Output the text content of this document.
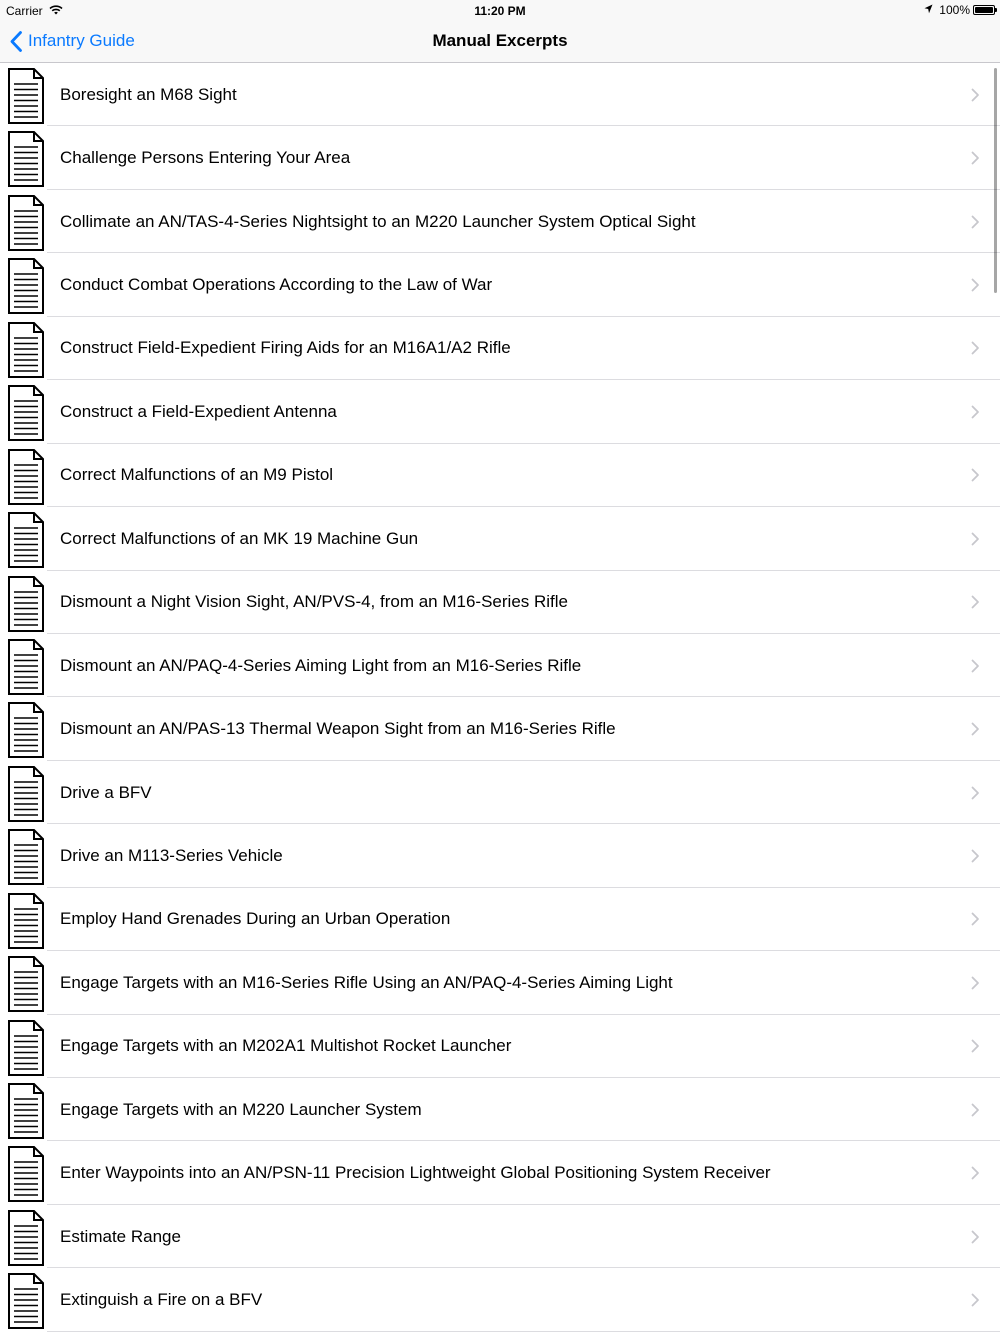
Carrier	11:20 PM	100%
Infantry Guide	Manual Excerpts
Boresight an M68 Sight
Challenge Persons Entering Your Area
Collimate an AN/TAS-4-Series Nightsight to an M220 Launcher System Optical Sight
Conduct Combat Operations According to the Law of War
Construct Field-Expedient Firing Aids for an M16A1/A2 Rifle
Construct a Field-Expedient Antenna
Correct Malfunctions of an M9 Pistol
Correct Malfunctions of an MK 19 Machine Gun
Dismount a Night Vision Sight, AN/PVS-4, from an M16-Series Rifle
Dismount an AN/PAQ-4-Series Aiming Light from an M16-Series Rifle
Dismount an AN/PAS-13 Thermal Weapon Sight from an M16-Series Rifle
Drive a BFV
Drive an M113-Series Vehicle
Employ Hand Grenades During an Urban Operation
Engage Targets with an M16-Series Rifle Using an AN/PAQ-4-Series Aiming Light
Engage Targets with an M202A1 Multishot Rocket Launcher
Engage Targets with an M220 Launcher System
Enter Waypoints into an AN/PSN-11 Precision Lightweight Global Positioning System Receiver
Estimate Range
Extinguish a Fire on a BFV
